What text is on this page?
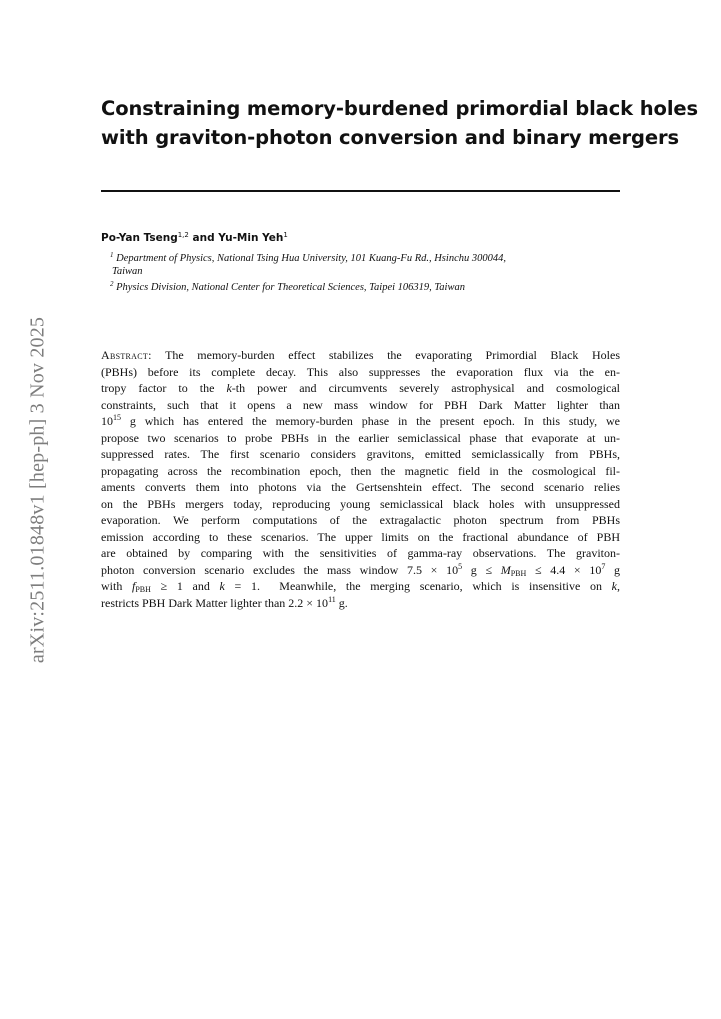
arXiv:2511.01848v1 [hep-ph] 3 Nov 2025
Constraining memory-burdened primordial black holes
with graviton-photon conversion and binary mergers
Po-Yan Tseng$^{1,2}$ and Yu-Min Yeh$^1$
$^1$ Department of Physics, National Tsing Hua University, 101 Kuang-Fu Rd., Hsinchu 300044,
Taiwan
$^2$ Physics Division, National Center for Theoretical Sciences, Taipei 106319, Taiwan
Abstract: The memory-burden effect stabilizes the evaporating Primordial Black Holes
(PBHs) before its complete decay. This also suppresses the evaporation flux via the en-
tropy factor to the k-th power and circumvents severely astrophysical and cosmological
constraints, such that it opens a new mass window for PBH Dark Matter lighter than
$10^{15}$ g which has entered the memory-burden phase in the present epoch. In this study, we
propose two scenarios to probe PBHs in the earlier semiclassical phase that evaporate at un-
suppressed rates. The first scenario considers gravitons, emitted semiclassically from PBHs,
propagating across the recombination epoch, then the magnetic field in the cosmological fil-
aments converts them into photons via the Gertsenshtein effect. The second scenario relies
on the PBHs mergers today, reproducing young semiclassical black holes with unsuppressed
evaporation. We perform computations of the extragalactic photon spectrum from PBHs
emission according to these scenarios. The upper limits on the fractional abundance of PBH
are obtained by comparing with the sensitivities of gamma-ray observations. The graviton-
photon conversion scenario excludes the mass window $7.5 \times 10^5$ $g \le M_{PBH} \le 4.4 \times 10^7$ g
with $f_{PBH} \ge 1$ and k = 1.  Meanwhile, the merging scenario, which is insensitive on k,
restricts PBH Dark Matter lighter than $2.2 \times 10^{11}$ g.
